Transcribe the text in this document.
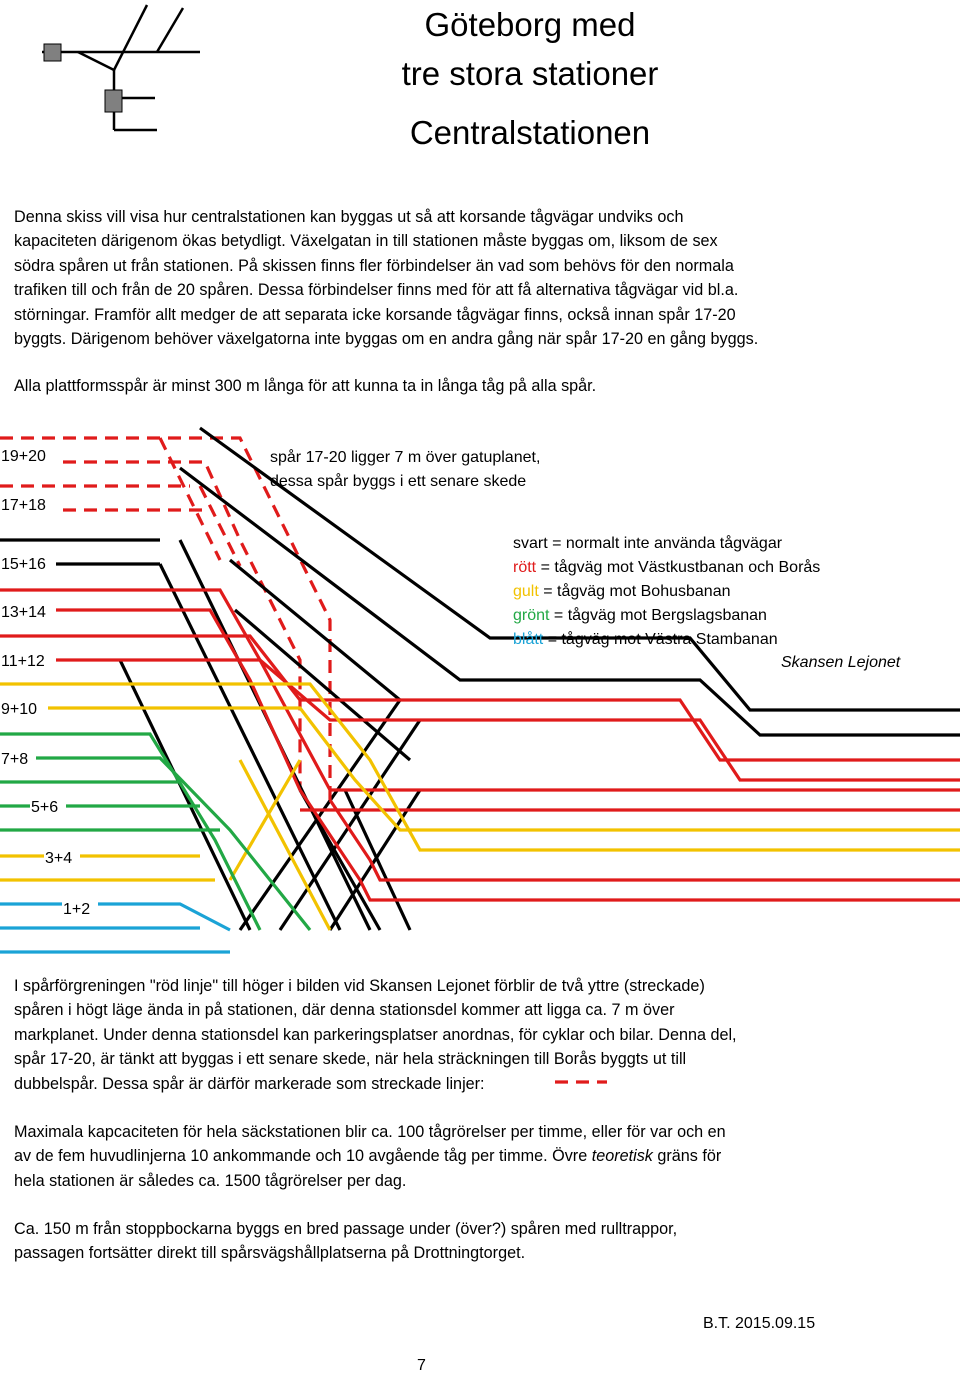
Göteborg med
tre stora stationer
Centralstationen

Denna skiss vill visa hur centralstationen kan byggas ut så att korsande tågvägar undviks och

kapaciteten därigenom ökas betydligt. Växelgatan in till stationen måste byggas om, liksom de sex

södra spåren ut från stationen. På skissen finns fler förbindelser än vad som behövs för den normala

trafiken till och från de 20 spåren. Dessa förbindelser finns med för att få alternativa tågvägar vid bl.a.

störningar. Framför allt medger de att separata icke korsande tågvägar finns, också innan spår 17-20

byggts. Därigenom behöver växelgatorna inte byggas om en andra gång när spår 17-20 en gång byggs.

Alla plattformsspår är minst 300 m långa för att kunna ta in långa tåg på alla spår.
19+20
17+18
15+16
13+14
11+12
9+10
7+8
5+6
3+4
1+2
spår 17-20 ligger 7 m över gatuplanet,
dessa spår byggs i ett senare skede
svart = normalt inte använda tågvägar
rött = tågväg mot Västkustbanan och Borås
gult = tågväg mot Bohusbanan
grönt = tågväg mot Bergslagsbanan
blått = tågväg mot Västra Stambanan
Skansen Lejonet

I spårförgreningen "röd linje" till höger i bilden vid Skansen Lejonet förblir de två yttre (streckade)

spåren i högt läge ända in på stationen, där denna stationsdel kommer att ligga ca. 7 m över

markplanet. Under denna stationsdel kan parkeringsplatser anordnas, för cyklar och bilar. Denna del,

spår 17-20, är tänkt att byggas i ett senare skede, när hela sträckningen till Borås byggts ut till

dubbelspår. Dessa spår är därför markerade som streckade linjer:

Maximala kapcaciteten för hela säckstationen blir ca. 100 tågrörelser per timme, eller för var och en

av de fem huvudlinjerna 10 ankommande och 10 avgående tåg per timme. Övre teoretisk gräns för

hela stationen är således ca. 1500 tågrörelser per dag.

Ca. 150 m från stoppbockarna byggs en bred passage under (över?) spåren med rulltrappor,

passagen fortsätter direkt till spårsvägshållplatserna på Drottningtorget.

B.T. 2015.09.15
7
